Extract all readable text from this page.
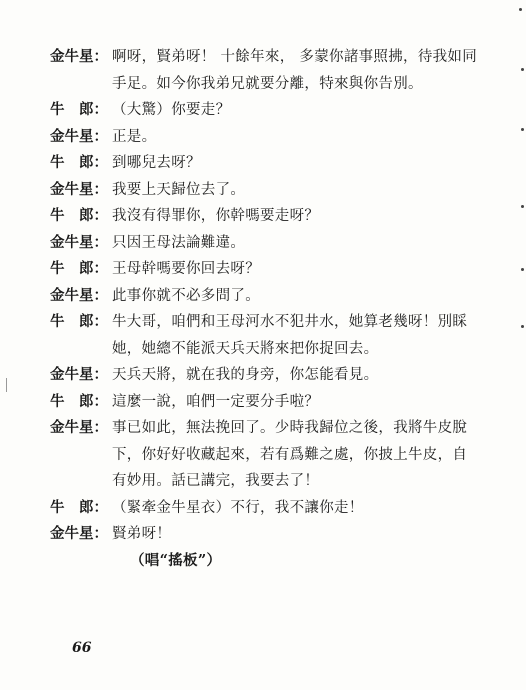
金牛星： 啊呀，賢弟呀！ 十餘年來， 多蒙你諸事照拂，待我如同手足。如今你我弟兄就要分離，特來與你告別。
牛　郎： （大驚）你要走？
金牛星： 正是。
牛　郎： 到哪兒去呀？
金牛星： 我要上天歸位去了。
牛　郎： 我沒有得罪你，你幹嗎要走呀？
金牛星： 只因王母法論難違。
牛　郎： 王母幹嗎要你回去呀？
金牛星： 此事你就不必多問了。
牛　郎： 牛大哥，咱們和王母河水不犯井水，她算老幾呀！別睬她，她總不能派天兵天將來把你捉回去。
金牛星： 天兵天將，就在我的身旁，你怎能看見。
牛　郎： 這麼一說，咱們一定要分手啦？
金牛星： 事已如此，無法挽回了。少時我歸位之後，我將牛皮脫下，你好好收藏起來，若有爲難之處，你披上牛皮，自有妙用。話已講完，我要去了！
牛　郎： （緊牽金牛星衣）不行，我不讓你走！
金牛星： 賢弟呀！
（唱“搖板”）
66
